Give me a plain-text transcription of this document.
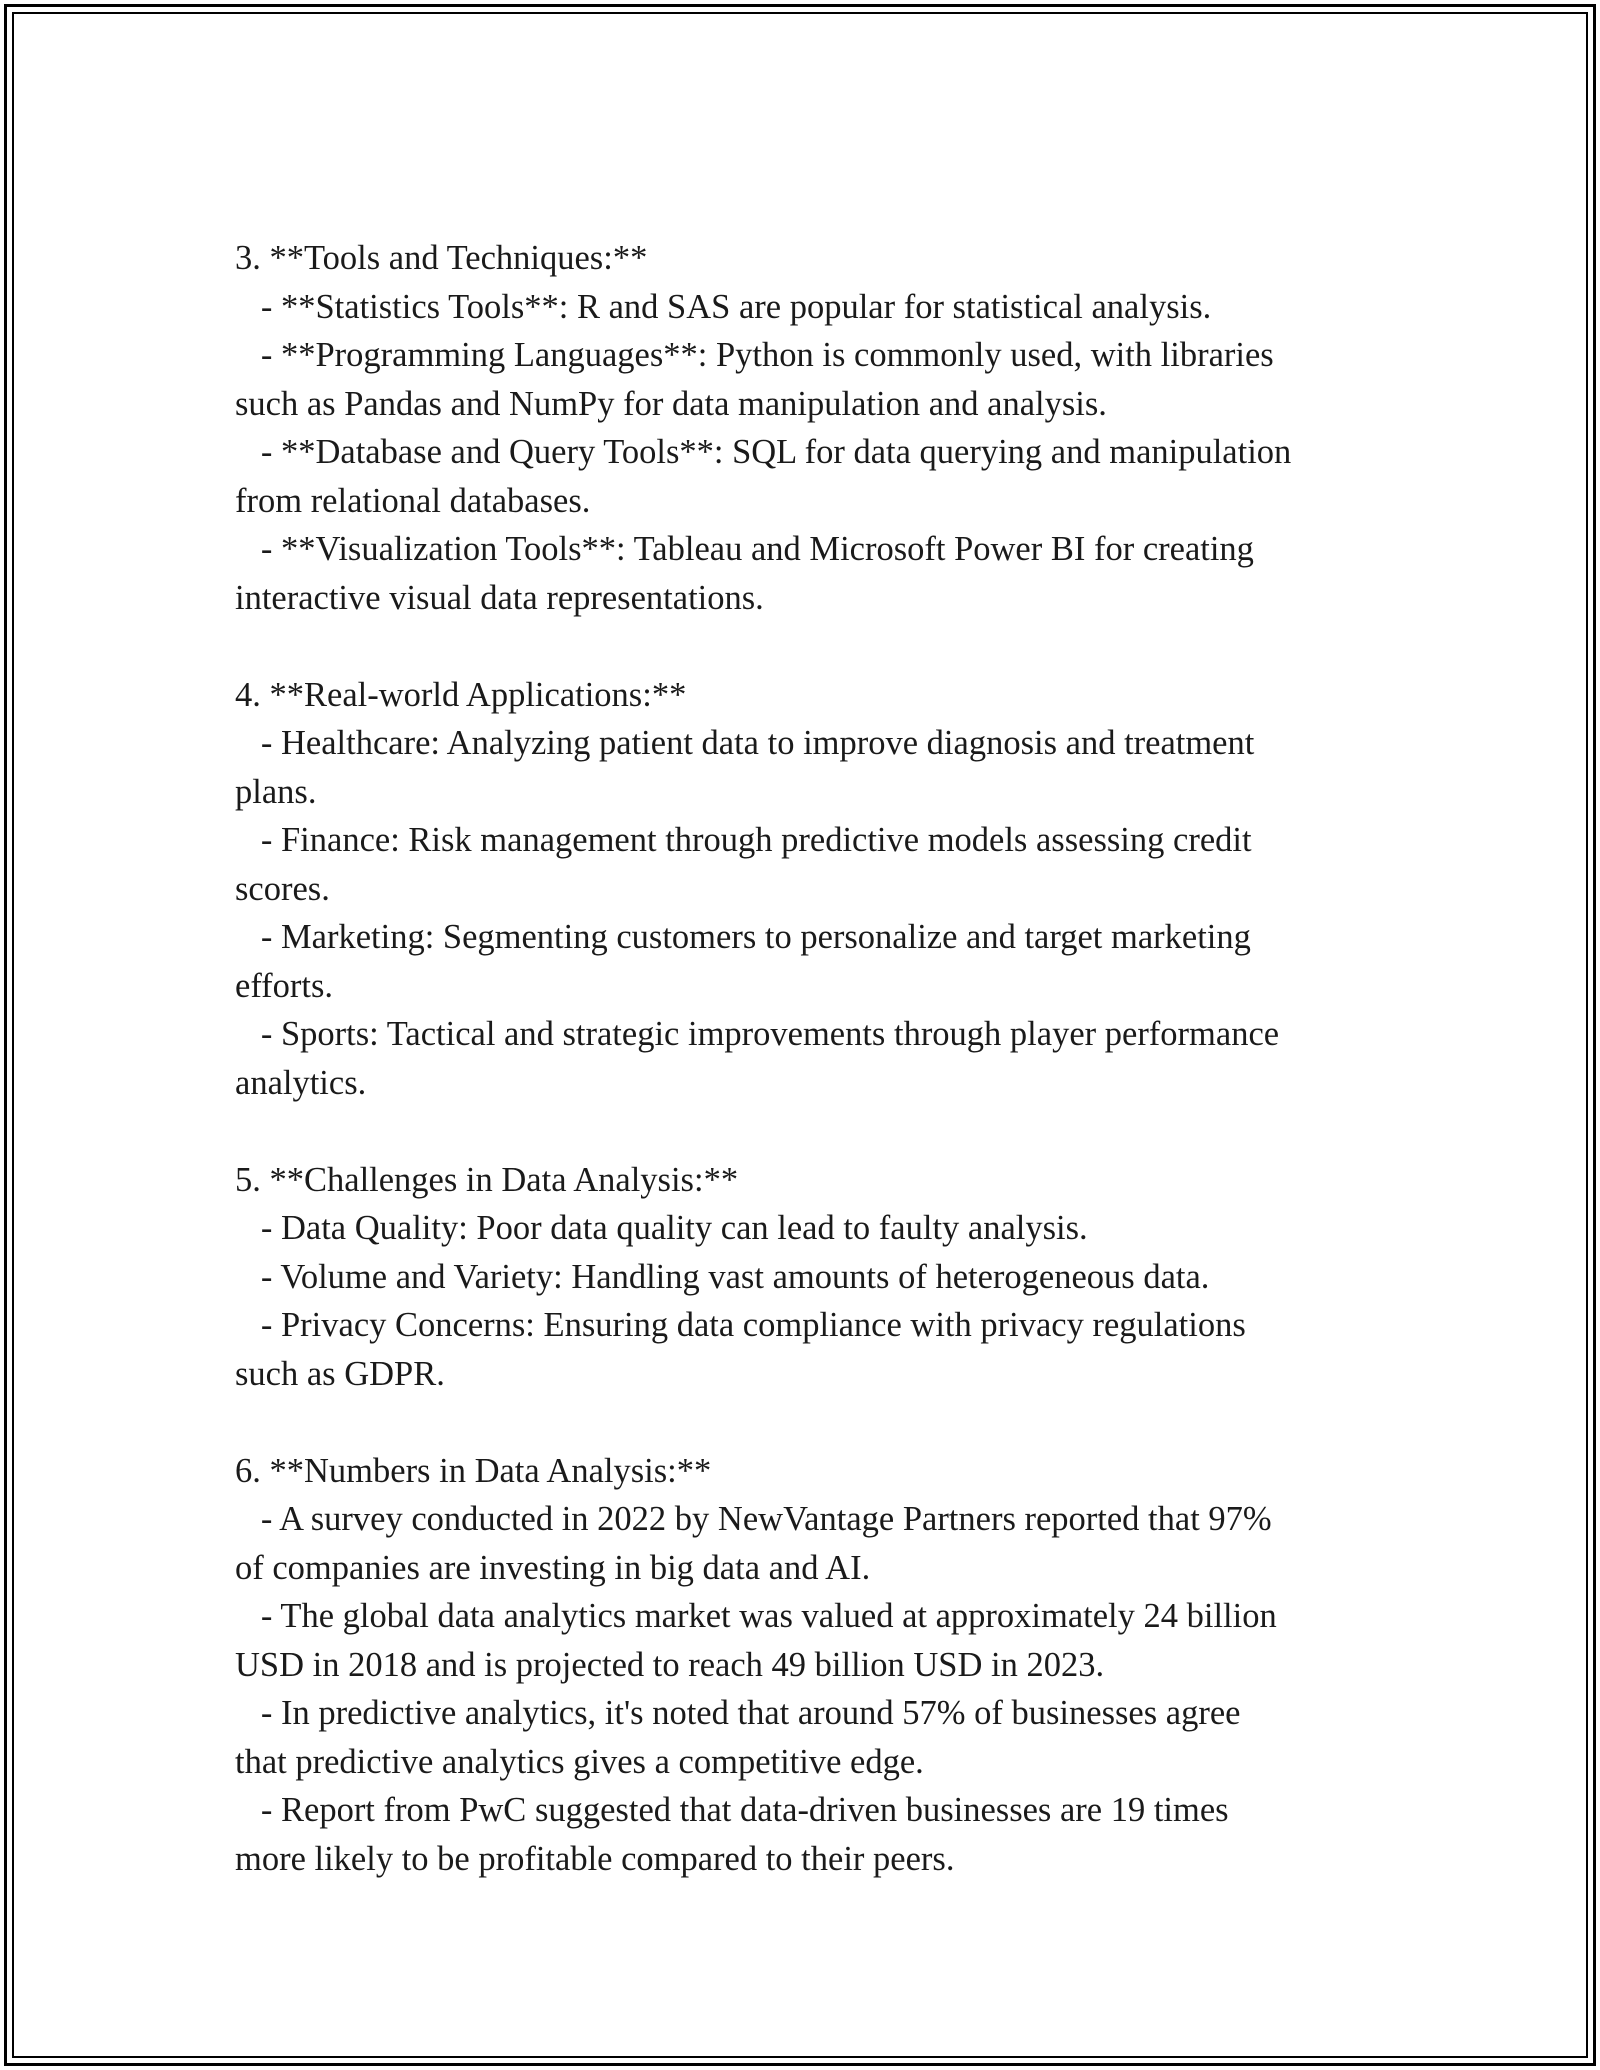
3. **Tools and Techniques:**
- **Statistics Tools**: R and SAS are popular for statistical analysis.
- **Programming Languages**: Python is commonly used, with libraries
such as Pandas and NumPy for data manipulation and analysis.
- **Database and Query Tools**: SQL for data querying and manipulation
from relational databases.
- **Visualization Tools**: Tableau and Microsoft Power BI for creating
interactive visual data representations.
4. **Real-world Applications:**
- Healthcare: Analyzing patient data to improve diagnosis and treatment
plans.
- Finance: Risk management through predictive models assessing credit
scores.
- Marketing: Segmenting customers to personalize and target marketing
efforts.
- Sports: Tactical and strategic improvements through player performance
analytics.
5. **Challenges in Data Analysis:**
- Data Quality: Poor data quality can lead to faulty analysis.
- Volume and Variety: Handling vast amounts of heterogeneous data.
- Privacy Concerns: Ensuring data compliance with privacy regulations
such as GDPR.
6. **Numbers in Data Analysis:**
- A survey conducted in 2022 by NewVantage Partners reported that 97%
of companies are investing in big data and AI.
- The global data analytics market was valued at approximately 24 billion
USD in 2018 and is projected to reach 49 billion USD in 2023.
- In predictive analytics, it's noted that around 57% of businesses agree
that predictive analytics gives a competitive edge.
- Report from PwC suggested that data-driven businesses are 19 times
more likely to be profitable compared to their peers.
